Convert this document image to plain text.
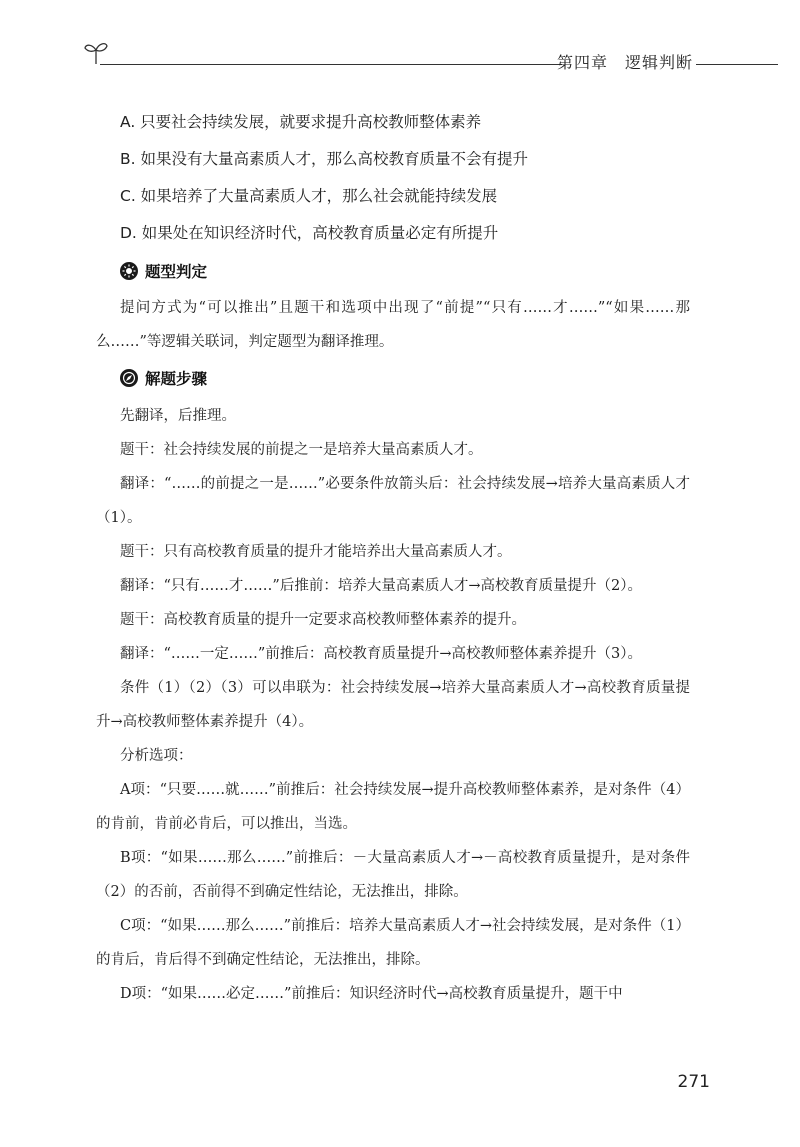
第四章　逻辑判断
A. 只要社会持续发展，就要求提升高校教师整体素养
B. 如果没有大量高素质人才，那么高校教育质量不会有提升
C. 如果培养了大量高素质人才，那么社会就能持续发展
D. 如果处在知识经济时代，高校教育质量必定有所提升
题型判定
提问方式为“可以推出”且题干和选项中出现了“前提”“只有……才……”“如果……那么……”等逻辑关联词，判定题型为翻译推理。
解题步骤
先翻译，后推理。
题干：社会持续发展的前提之一是培养大量高素质人才。
翻译：“……的前提之一是……”必要条件放箭头后：社会持续发展→培养大量高素质人才（1）。
题干：只有高校教育质量的提升才能培养出大量高素质人才。
翻译：“只有……才……”后推前：培养大量高素质人才→高校教育质量提升（2）。
题干：高校教育质量的提升一定要求高校教师整体素养的提升。
翻译：“……一定……”前推后：高校教育质量提升→高校教师整体素养提升（3）。
条件（1）（2）（3）可以串联为：社会持续发展→培养大量高素质人才→高校教育质量提升→高校教师整体素养提升（4）。
分析选项：
A项：“只要……就……”前推后：社会持续发展→提升高校教师整体素养，是对条件（4）的肯前，肯前必肯后，可以推出，当选。
B项：“如果……那么……”前推后：－大量高素质人才→－高校教育质量提升，是对条件（2）的否前，否前得不到确定性结论，无法推出，排除。
C项：“如果……那么……”前推后：培养大量高素质人才→社会持续发展，是对条件（1）的肯后，肯后得不到确定性结论，无法推出，排除。
D项：“如果……必定……”前推后：知识经济时代→高校教育质量提升，题干中
271
